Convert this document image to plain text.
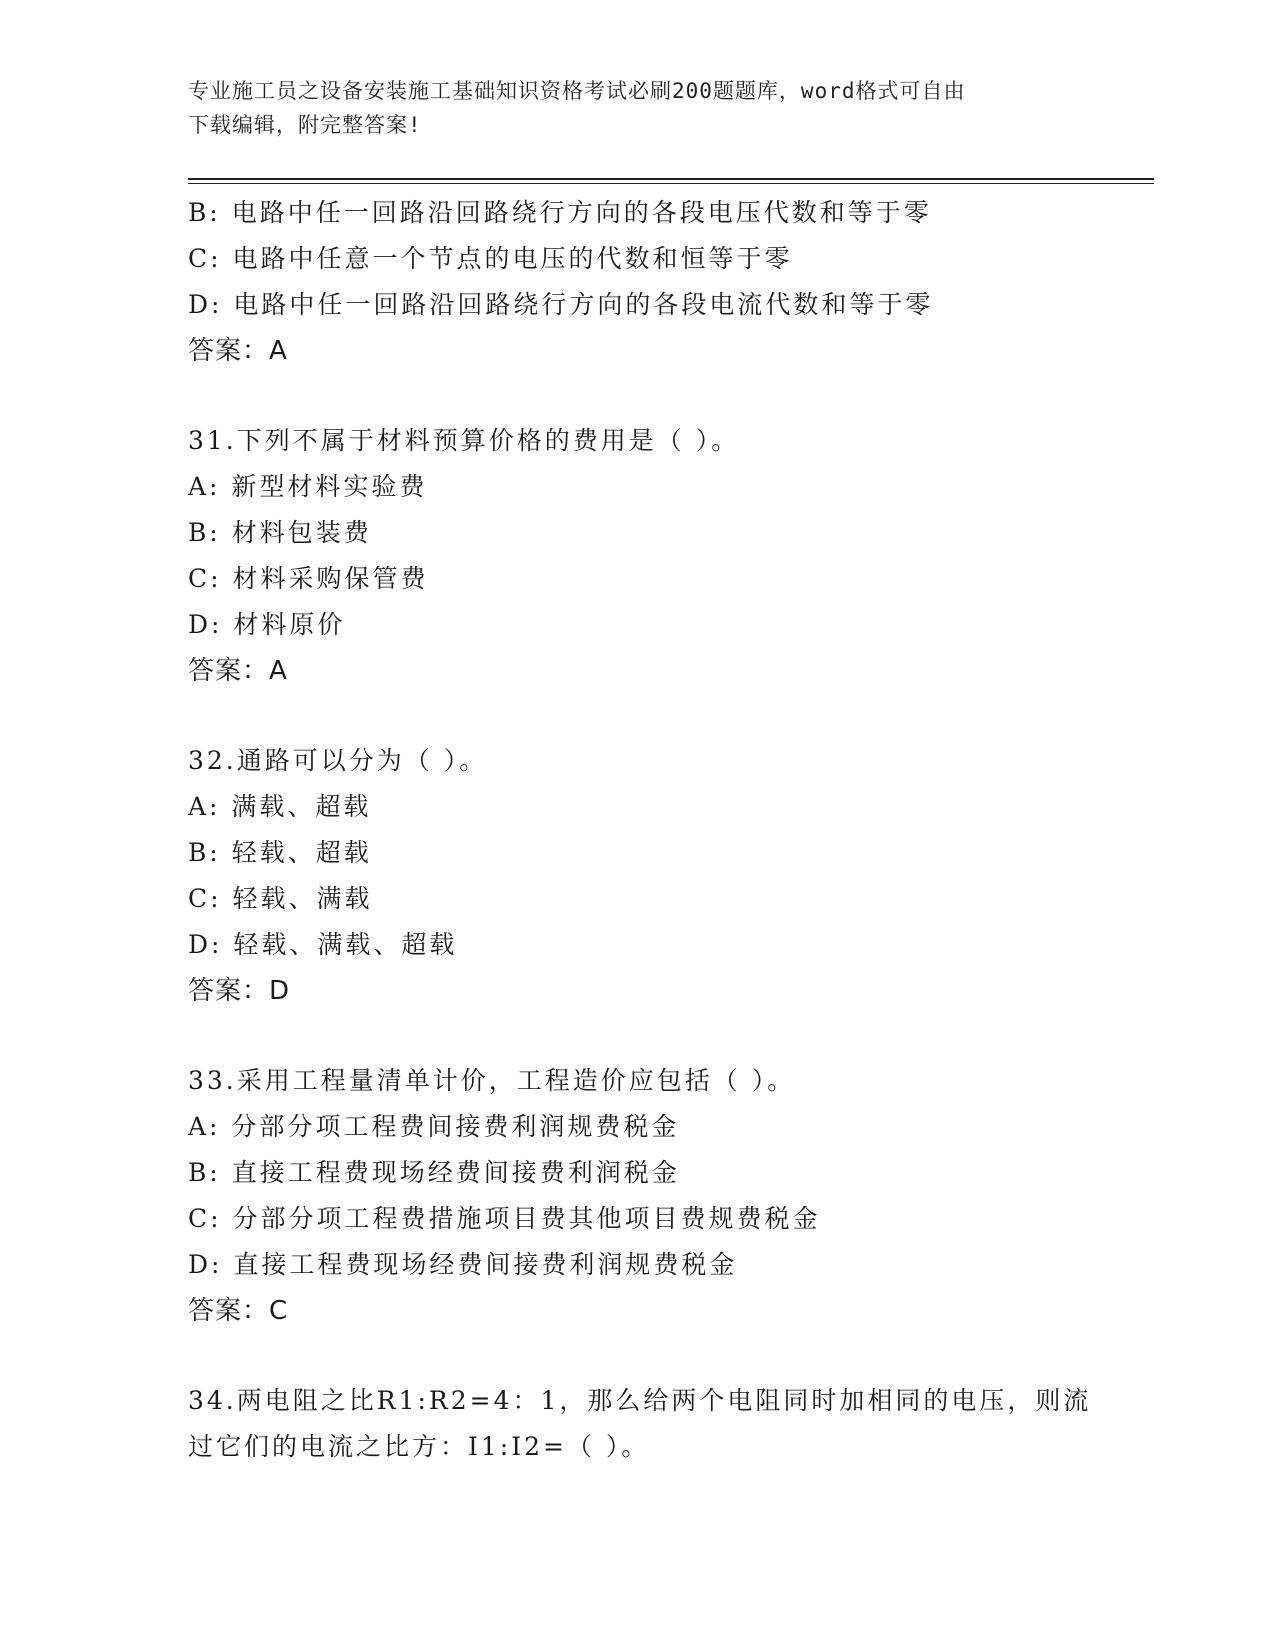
专业施工员之设备安装施工基础知识资格考试必刷200题题库，word格式可自由
下载编辑，附完整答案!
B: 电路中任一回路沿回路绕行方向的各段电压代数和等于零
C: 电路中任意一个节点的电压的代数和恒等于零
D: 电路中任一回路沿回路绕行方向的各段电流代数和等于零
答案：A
31.下列不属于材料预算价格的费用是（ ）。
A: 新型材料实验费
B: 材料包装费
C: 材料采购保管费
D: 材料原价
答案：A
32.通路可以分为（ ）。
A: 满载、超载
B: 轻载、超载
C: 轻载、满载
D: 轻载、满载、超载
答案：D
33.采用工程量清单计价，工程造价应包括（ ）。
A: 分部分项工程费间接费利润规费税金
B: 直接工程费现场经费间接费利润税金
C: 分部分项工程费措施项目费其他项目费规费税金
D: 直接工程费现场经费间接费利润规费税金
答案：C
34.两电阻之比R1:R2=4：1，那么给两个电阻同时加相同的电压，则流
过它们的电流之比方：I1:I2=（ ）。
